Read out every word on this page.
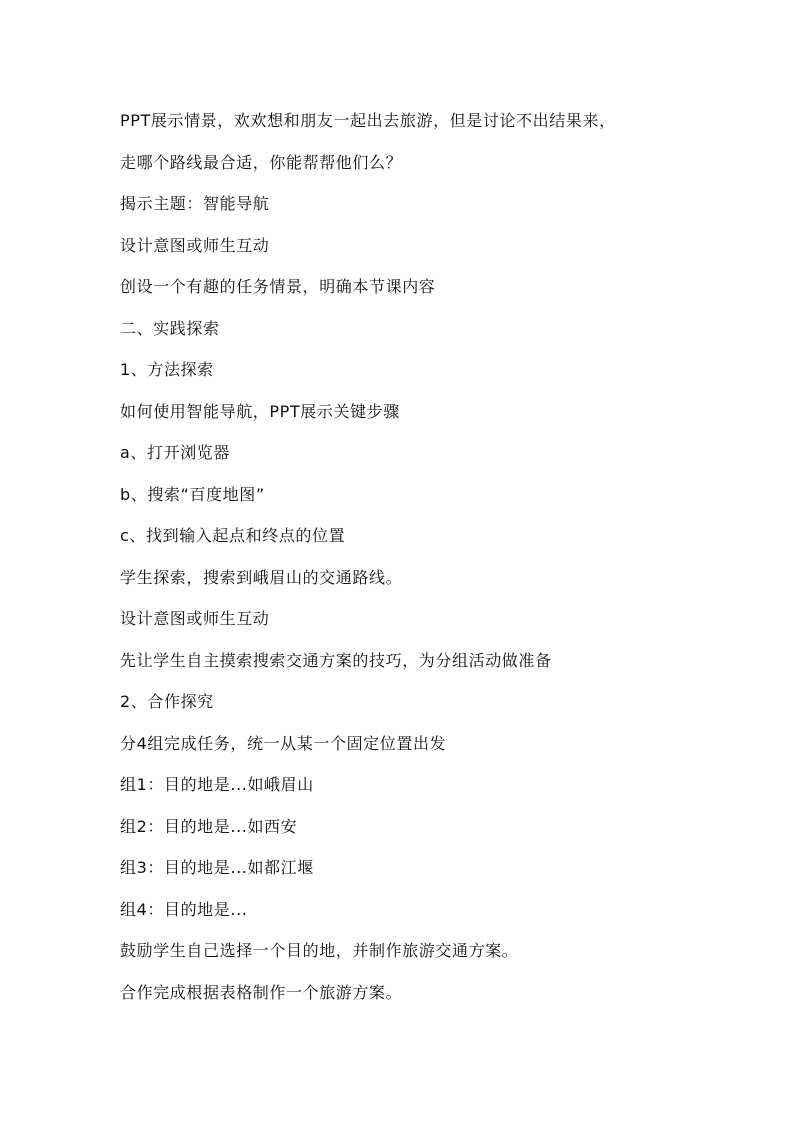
PPT展示情景，欢欢想和朋友一起出去旅游，但是讨论不出结果来，
走哪个路线最合适，你能帮帮他们么？
揭示主题：智能导航
设计意图或师生互动
创设一个有趣的任务情景，明确本节课内容
二、实践探索
1、方法探索
如何使用智能导航，PPT展示关键步骤
a、打开浏览器
b、搜索“百度地图”
c、找到输入起点和终点的位置
学生探索，搜索到峨眉山的交通路线。
设计意图或师生互动
先让学生自主摸索搜索交通方案的技巧，为分组活动做准备
2、合作探究
分4组完成任务，统一从某一个固定位置出发
组1：目的地是...如峨眉山
组2：目的地是...如西安
组3：目的地是...如都江堰
组4：目的地是...
鼓励学生自己选择一个目的地，并制作旅游交通方案。
合作完成根据表格制作一个旅游方案。
